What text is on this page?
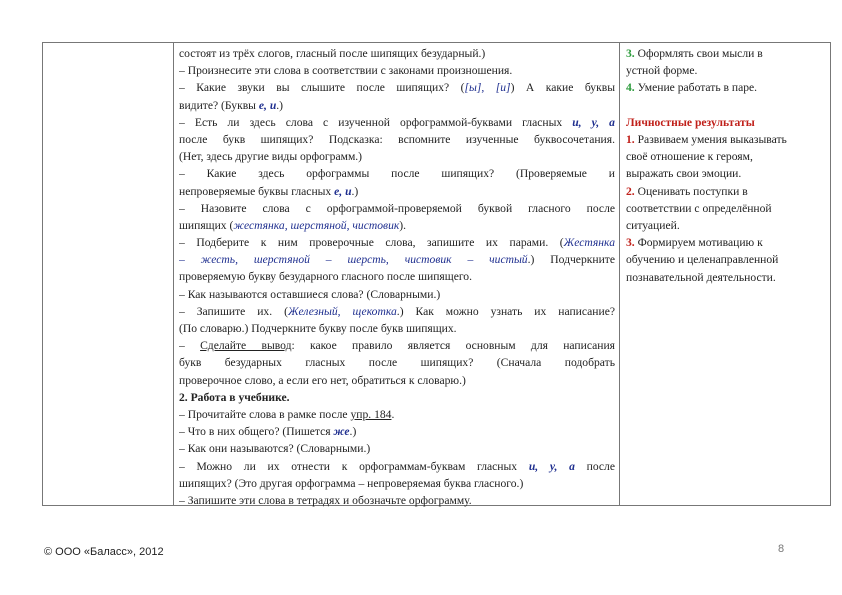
состоят из трёх слогов, гласный после шипящих безударный.)
– Произнесите эти слова в соответствии с законами произношения.
– Какие звуки вы слышите после шипящих? ([ы], [и]) А какие буквы
видите? (Буквы е, и.)
– Есть ли здесь слова с изученной орфограммой-буквами гласных и, у, а
после букв шипящих? Подсказка: вспомните изученные буквосочетания.
(Нет, здесь другие виды орфограмм.)
– Какие здесь орфограммы после шипящих? (Проверяемые и
непроверяемые буквы гласных е, и.)
– Назовите слова с орфограммой-проверяемой буквой гласного после
шипящих (жестянка, шерстяной, чистовик).
– Подберите к ним проверочные слова, запишите их парами. (Жестянка
– жесть, шерстяной – шерсть, чистовик – чистый.) Подчеркните
проверяемую букву безударного гласного после шипящего.
– Как называются оставшиеся слова? (Словарными.)
– Запишите их. (Железный, щекотка.) Как можно узнать их написание?
(По словарю.) Подчеркните букву после букв шипящих.
– Сделайте вывод: какое правило является основным для написания
букв безударных гласных после шипящих? (Сначала подобрать
проверочное слово, а если его нет, обратиться к словарю.)
2. Работа в учебнике.
– Прочитайте слова в рамке после упр. 184.
– Что в них общего? (Пишется же.)
– Как они называются? (Словарными.)
– Можно ли их отнести к орфограммам-буквам гласных и, у, а после
шипящих? (Это другая орфограмма – непроверяемая буква гласного.)
– Запишите эти слова в тетрадях и обозначьте орфограмму.
3. Оформлять свои мысли в
устной форме.
4. Умение работать в паре.
Личностные результаты
1. Развиваем умения выказывать
своё отношение к героям,
выражать свои эмоции.
2. Оценивать поступки в
соответствии с определённой
ситуацией.
3. Формируем мотивацию к
обучению и целенаправленной
познавательной деятельности.
© ООО «Баласс», 2012	8
